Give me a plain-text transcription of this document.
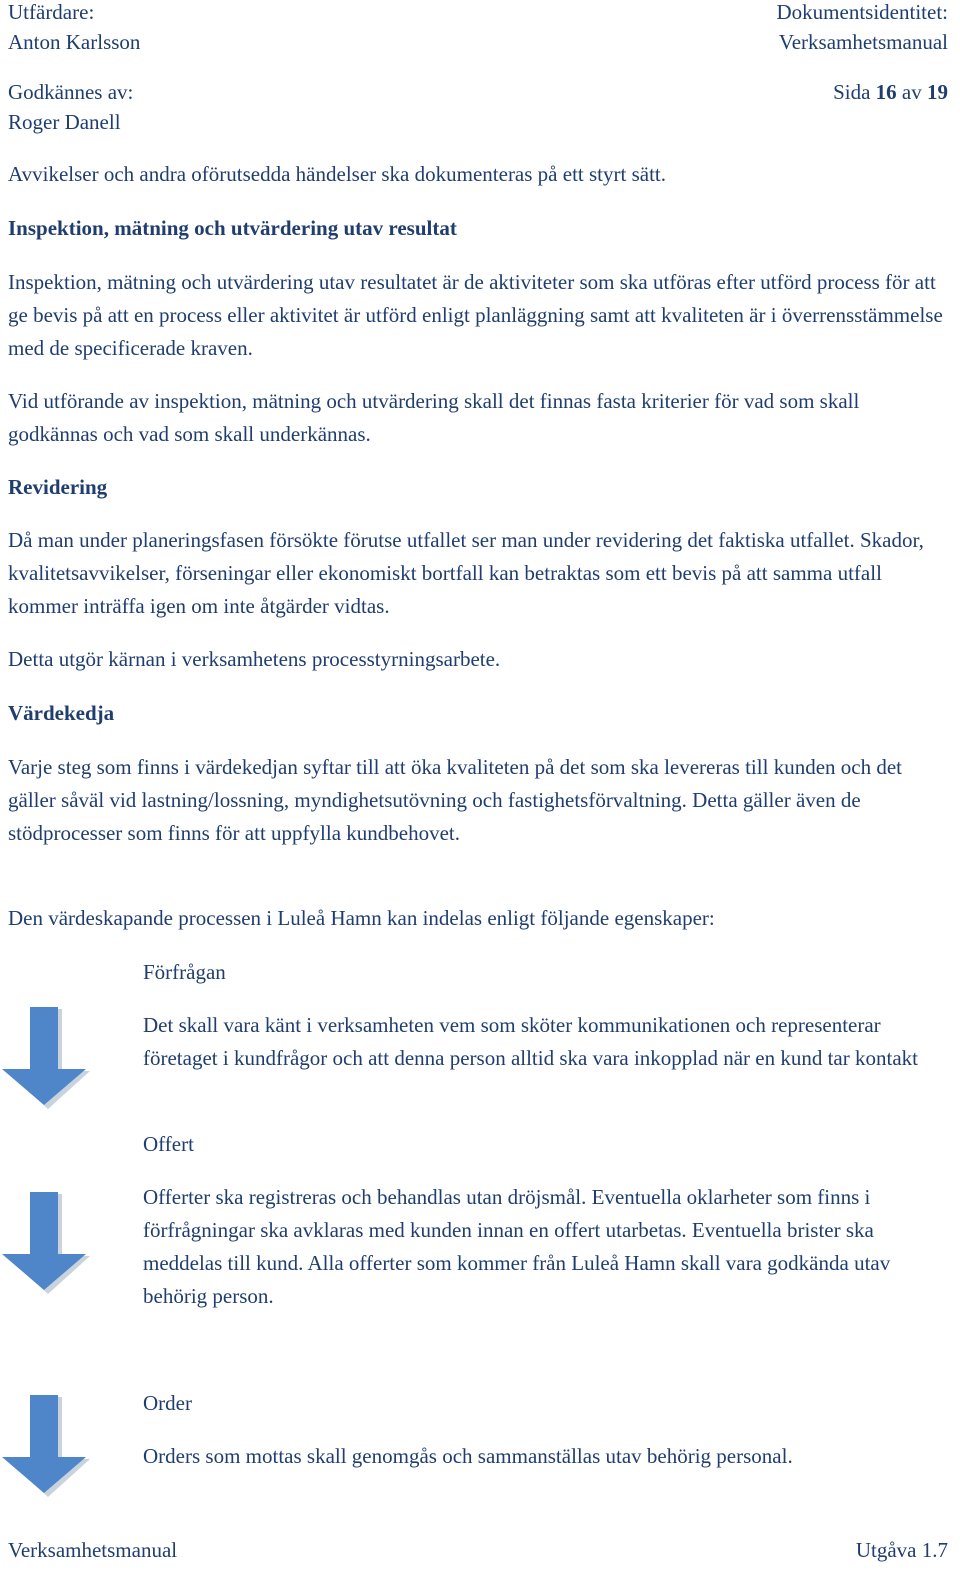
Utfärdare:
Anton Karlsson
Dokumentsidentitet:
Verksamhetsmanual
Godkännes av:
Roger Danell
Sida 16 av 19

Avvikelser och andra oförutsedda händelser ska dokumenteras på ett styrt sätt.

Inspektion, mätning och utvärdering utav resultat

Inspektion, mätning och utvärdering utav resultatet är de aktiviteter som ska utföras efter utförd process för att ge bevis på att en process eller aktivitet är utförd enligt planläggning samt att kvaliteten är i överrensstämmelse med de specificerade kraven.

Vid utförande av inspektion, mätning och utvärdering skall det finnas fasta kriterier för vad som skall godkännas och vad som skall underkännas.

Revidering

Då man under planeringsfasen försökte förutse utfallet ser man under revidering det faktiska utfallet. Skador, kvalitetsavvikelser, förseningar eller ekonomiskt bortfall kan betraktas som ett bevis på att samma utfall kommer inträffa igen om inte åtgärder vidtas.

Detta utgör kärnan i verksamhetens processtyrningsarbete.

Värdekedja

Varje steg som finns i värdekedjan syftar till att öka kvaliteten på det som ska levereras till kunden och det gäller såväl vid lastning/lossning, myndighetsutövning och fastighetsförvaltning. Detta gäller även de stödprocesser som finns för att uppfylla kundbehovet.

Den värdeskapande processen i Luleå Hamn kan indelas enligt följande egenskaper:

Förfrågan

Det skall vara känt i verksamheten vem som sköter kommunikationen och representerar företaget i kundfrågor och att denna person alltid ska vara inkopplad när en kund tar kontakt

Offert

Offerter ska registreras och behandlas utan dröjsmål. Eventuella oklarheter som finns i förfrågningar ska avklaras med kunden innan en offert utarbetas. Eventuella brister ska meddelas till kund. Alla offerter som kommer från Luleå Hamn skall vara godkända utav behörig person.

Order

Orders som mottas skall genomgås och sammanställas utav behörig personal.

Verksamhetsmanual	Utgåva 1.7
